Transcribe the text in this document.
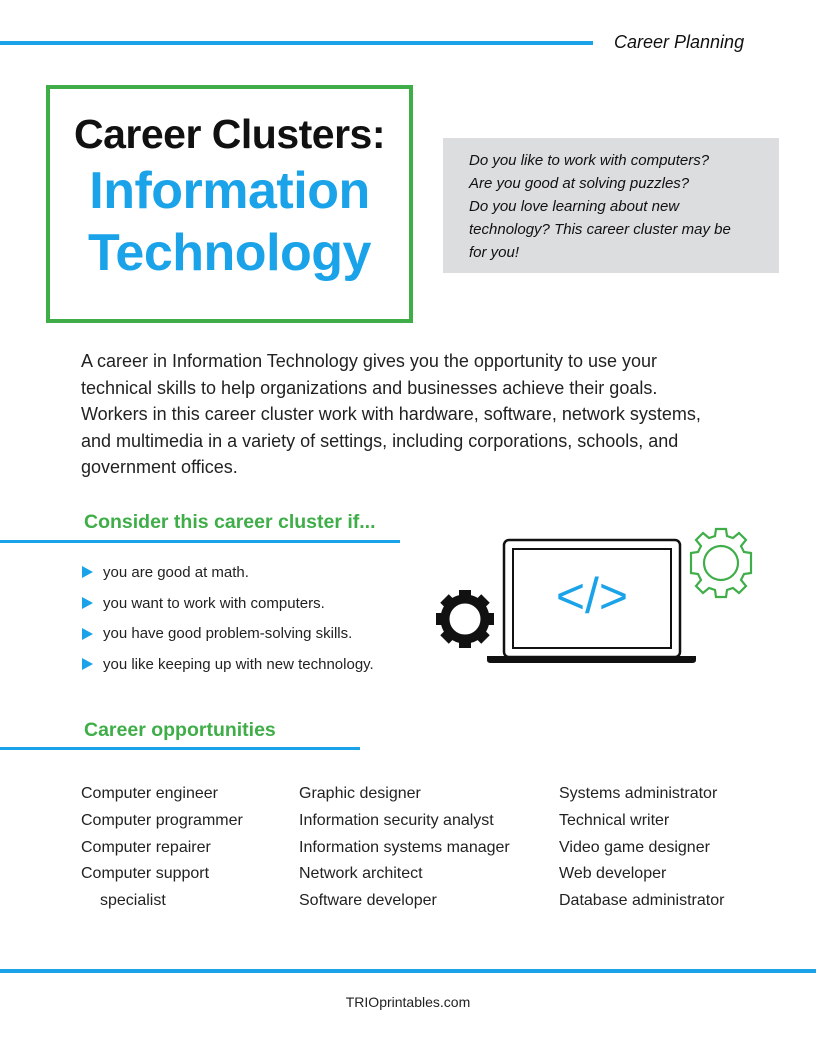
Career Planning
Career Clusters:
Information
Technology
Do you like to work with computers?
Are you good at solving puzzles?
Do you love learning about new
technology? This career cluster may be
for you!
A career in Information Technology gives you the opportunity to use your
technical skills to help organizations and businesses achieve their goals.
Workers in this career cluster work with hardware, software, network systems,
and multimedia in a variety of settings, including corporations, schools, and
government offices.
Consider this career cluster if...
you are good at math.
you want to work with computers.
you have good problem-solving skills.
you like keeping up with new technology.
</>
Career opportunities
Computer engineer
Computer programmer
Computer repairer
Computer support
specialist
Graphic designer
Information security analyst
Information systems manager
Network architect
Software developer
Systems administrator
Technical writer
Video game designer
Web developer
Database administrator
TRIOprintables.com
